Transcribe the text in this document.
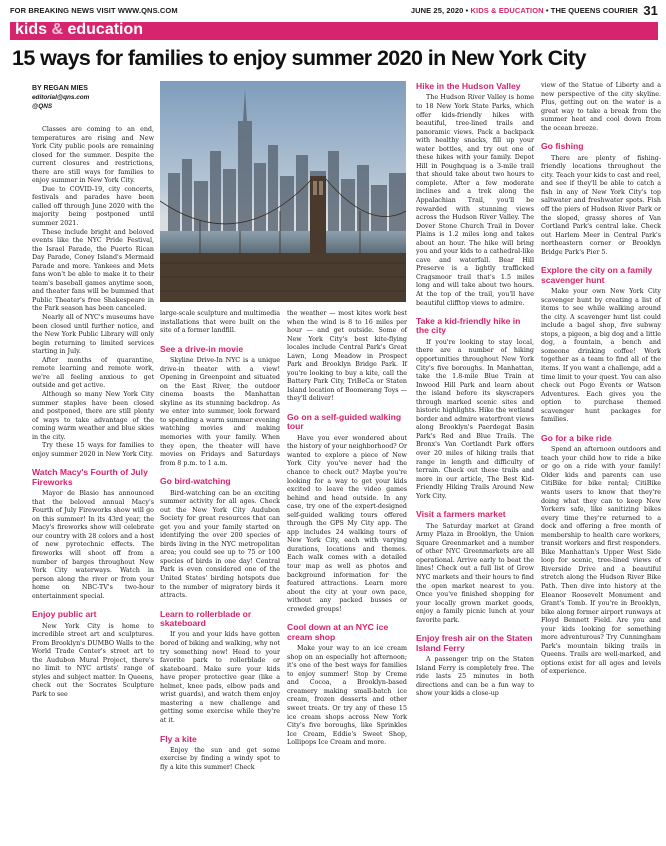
FOR BREAKING NEWS VISIT WWW.QNS.COM	JUNE 25, 2020 • KIDS & EDUCATION • THE QUEENS COURIER 31
kids & education
15 ways for families to enjoy summer 2020 in New York City
BY REGAN MIES
editorial@qns.com
@QNS

Classes are coming to an end, temperatures are rising and New York City public pools are remaining closed for the summer. Despite the current closures and restrictions, there are still ways for families to enjoy summer in New York City.

Due to COVID-19, city concerts, festivals and parades have been called off through June 2020 with the majority being postponed until summer 2021.

These include bright and beloved events like the NYC Pride Festival, the Israel Parade, the Puerto Rican Day Parade, Coney Island's Mermaid Parade and more. Yankees and Mets fans won't be able to make it to their team's baseball games anytime soon, and theater fans will be bummed that Public Theater's free Shakespeare in the Park season has been canceled.

Nearly all of NYC's museums have been closed until further notice, and the New York Public Library will only begin returning to limited services starting in July.

After months of quarantine, remote learning and remote work, we're all feeling anxious to get outside and get active.

Although so many New York City summer staples have been closed and postponed, there are still plenty of ways to take advantage of the coming warm weather and blue skies in the city.

Try these 15 ways for families to enjoy summer 2020 in New York City.

Watch Macy's Fourth of July Fireworks

Mayor de Blasio has announced that the beloved annual Macy's Fourth of July Fireworks show will go on this summer! In its 43rd year, the Macy's fireworks show will celebrate our country with 28 colors and a host of new pyrotechnic effects. The fireworks will shoot off from a number of barges throughout New York City waterways. Watch in person along the river or from your home on NBC-TV's two-hour entertainment special.

Enjoy public art

New York City is home to incredible street art and sculptures. From Brooklyn's DUMBO Walls to the World Trade Center's street art to the Audubon Mural Project, there's no limit to NYC artists' range of styles and subject matter. In Queens, check out the Socrates Sculpture Park to see

large-scale sculpture and multimedia installations that were built on the site of a former landfill.

See a drive-in movie

Skyline Drive-In NYC is a unique drive-in theater with a view! Opening in Greenpoint and situated on the East River, the outdoor cinema boasts the Manhattan skyline as its stunning backdrop. As we enter into summer, look forward to spending a warm summer evening watching movies and making memories with your family. When they open, the theater will have movies on Fridays and Saturdays from 8 p.m. to 1 a.m.

Go bird-watching

Bird-watching can be an exciting summer activity for all ages. Check out the New York City Audubon Society for great resources that can get you and your family started on identifying the over 200 species of birds living in the NYC metropolitan area; you could see up to 75 or 100 species of birds in one day! Central Park is even considered one of the United States' birding hotspots due to the number of migratory birds it attracts.

Learn to rollerblade or skateboard

If you and your kids have gotten bored of biking and walking, why not try something new! Head to your favorite park to rollerblade or skateboard. Make sure your kids have proper protective gear (like a helmet, knee pads, elbow pads and wrist guards), and watch them enjoy mastering a new challenge and getting some exercise while they're at it.

Fly a kite

Enjoy the sun and get some exercise by finding a windy spot to fly a kite this summer! Check

the weather — most kites work best when the wind is 8 to 16 miles per hour — and get outside. Some of New York City's best kite-flying locales include Central Park's Great Lawn, Long Meadow in Prospect Park and Brooklyn Bridge Park. If you're looking to buy a kite, call the Battery Park City, TriBeCa or Staten Island location of Boomerang Toys — they'll deliver!

Go on a self-guided walking tour

Have you ever wondered about the history of your neighborhood? Or wanted to explore a piece of New York City you've never had the chance to check out? Maybe you're looking for a way to get your kids excited to leave the video games behind and head outside. In any case, try one of the expert-designed self-guided walking tours offered through the GPS My City app. The app includes 24 walking tours of New York City, each with varying durations, locations and themes. Each walk comes with a detailed tour map as well as photos and background information for the featured attractions. Learn more about the city at your own pace, without any packed busses or crowded groups!

Cool down at an NYC ice cream shop

Make your way to an ice cream shop on an especially hot afternoon; it's one of the best ways for families to enjoy summer! Stop by Creme and Cocoa, a Brooklyn-based creamery making small-batch ice cream, frozen desserts and other sweet treats. Or try any of these 15 ice cream shops across New York City's five boroughs, like Sprinkles Ice Cream, Eddie's Sweet Shop, Lollipops Ice Cream and more.

Hike in the Hudson Valley

The Hudson River Valley is home to 18 New York State Parks, which offer kids-friendly hikes with beautiful, tree-lined trails and panoramic views. Pack a backpack with healthy snacks, fill up your water bottles, and try out one of these hikes with your family. Depot Hill in Poughquag is a 3-mile trail that should take about two hours to complete. After a few moderate inclines and a trek along the Appalachian Trail, you'll be rewarded with stunning views across the Hudson River Valley. The Dover Stone Church Trail in Dover Plains is 1.2 miles long and takes about an hour. The hike will bring you and your kids to a cathedral-like cave and waterfall. Bear Hill Preserve is a lightly trafficked Cragsmoor trail that's 1.5 miles long and will take about two hours. At the top of the trail, you'll have beautiful clifftop views to admire.

Take a kid-friendly hike in the city

If you're looking to stay local, there are a number of hiking opportunities throughout New York City's five boroughs. In Manhattan, take the 1.8-mile Blue Train at Inwood Hill Park and learn about the island before its skyscrapers through marked scenic sites and historic highlights. Hike the wetland border and admire waterfront views along Brooklyn's Paerdegat Basin Park's Red and Blue Trails. The Bronx's Van Cortlandt Park offers over 20 miles of hiking trails that range in length and difficulty of terrain. Check out these trails and more in our article, The Best Kid-Friendly Hiking Trails Around New York City.

Visit a farmers market

The Saturday market at Grand Army Plaza in Brooklyn, the Union Square Greenmarket and a number of other NYC Greenmarkets are all operational. Arrive early to beat the lines! Check out a full list of Grow NYC markets and their hours to find the open market nearest to you. Once you've finished shopping for your locally grown market goods, enjoy a family picnic lunch at your favorite park.

Enjoy fresh air on the Staten Island Ferry

A passenger trip on the Staten Island Ferry is completely free. The ride lasts 25 minutes in both directions and can be a fun way to show your kids a close-up

view of the Statue of Liberty and a new perspective of the city skyline. Plus, getting out on the water is a great way to take a break from the summer heat and cool down from the ocean breeze.

Go fishing

There are plenty of fishing-friendly locations throughout the city. Teach your kids to cast and reel, and see if they'll be able to catch a fish in any of New York City's top saltwater and freshwater spots. Fish off the piers of Hudson River Park or the sloped, grassy shores of Van Cortland Park's central lake. Check out Harlem Meer in Central Park's northeastern corner or Brooklyn Bridge Park's Pier 5.

Explore the city on a family scavenger hunt

Make your own New York City scavenger hunt by creating a list of items to see while walking around the city. A scavenger hunt list could include a bagel shop, five subway stops, a pigeon, a big dog and a little dog, a fountain, a bench and someone drinking coffee! Work together as a team to find all of the items. If you want a challenge, add a time limit to your quest. You can also check out Pogo Events or Watson Adventures. Each gives you the option to purchase themed scavenger hunt packages for families.

Go for a bike ride

Spend an afternoon outdoors and teach your child how to ride a bike or go on a ride with your family! Older kids and parents can use CitiBike for bike rental; CitiBike wants users to know that they're doing what they can to keep New Yorkers safe, like sanitizing bikes every time they're returned to a dock and offering a free month of membership to health care workers, transit workers and first responders. Bike Manhattan's Upper West Side loop for scenic, tree-lined views of Riverside Drive and a beautiful stretch along the Hudson River Bike Path. Then dive into history at the Eleanor Roosevelt Monument and Grant's Tomb. If you're in Brooklyn, bike along former airport runways at Floyd Bennett Field. Are you and your kids looking for something more adventurous? Try Cunningham Park's mountain biking trails in Queens. Trails are well-marked, and options exist for all ages and levels of experience.
